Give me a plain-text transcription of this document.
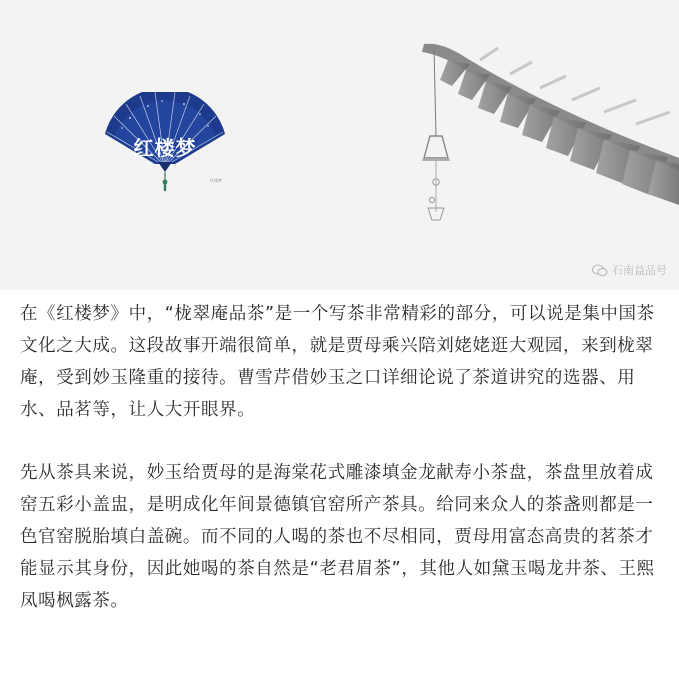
红楼梦
红楼梦
石南益品号

在《红楼梦》中，“栊翠庵品茶”是一个写茶非常精彩的部分，可以说是集中国茶文化之大成。这段故事开端很简单，就是贾母乘兴陪刘姥姥逛大观园，来到栊翠庵，受到妙玉隆重的接待。曹雪芹借妙玉之口详细论说了茶道讲究的选器、用水、品茗等，让人大开眼界。

先从茶具来说，妙玉给贾母的是海棠花式雕漆填金龙献寿小茶盘，茶盘里放着成窑五彩小盖盅，是明成化年间景德镇官窑所产茶具。给同来众人的茶盏则都是一色官窑脱胎填白盖碗。而不同的人喝的茶也不尽相同，贾母用富态高贵的茗茶才能显示其身份，因此她喝的茶自然是“老君眉茶”，其他人如黛玉喝龙井茶、王熙凤喝枫露茶。
